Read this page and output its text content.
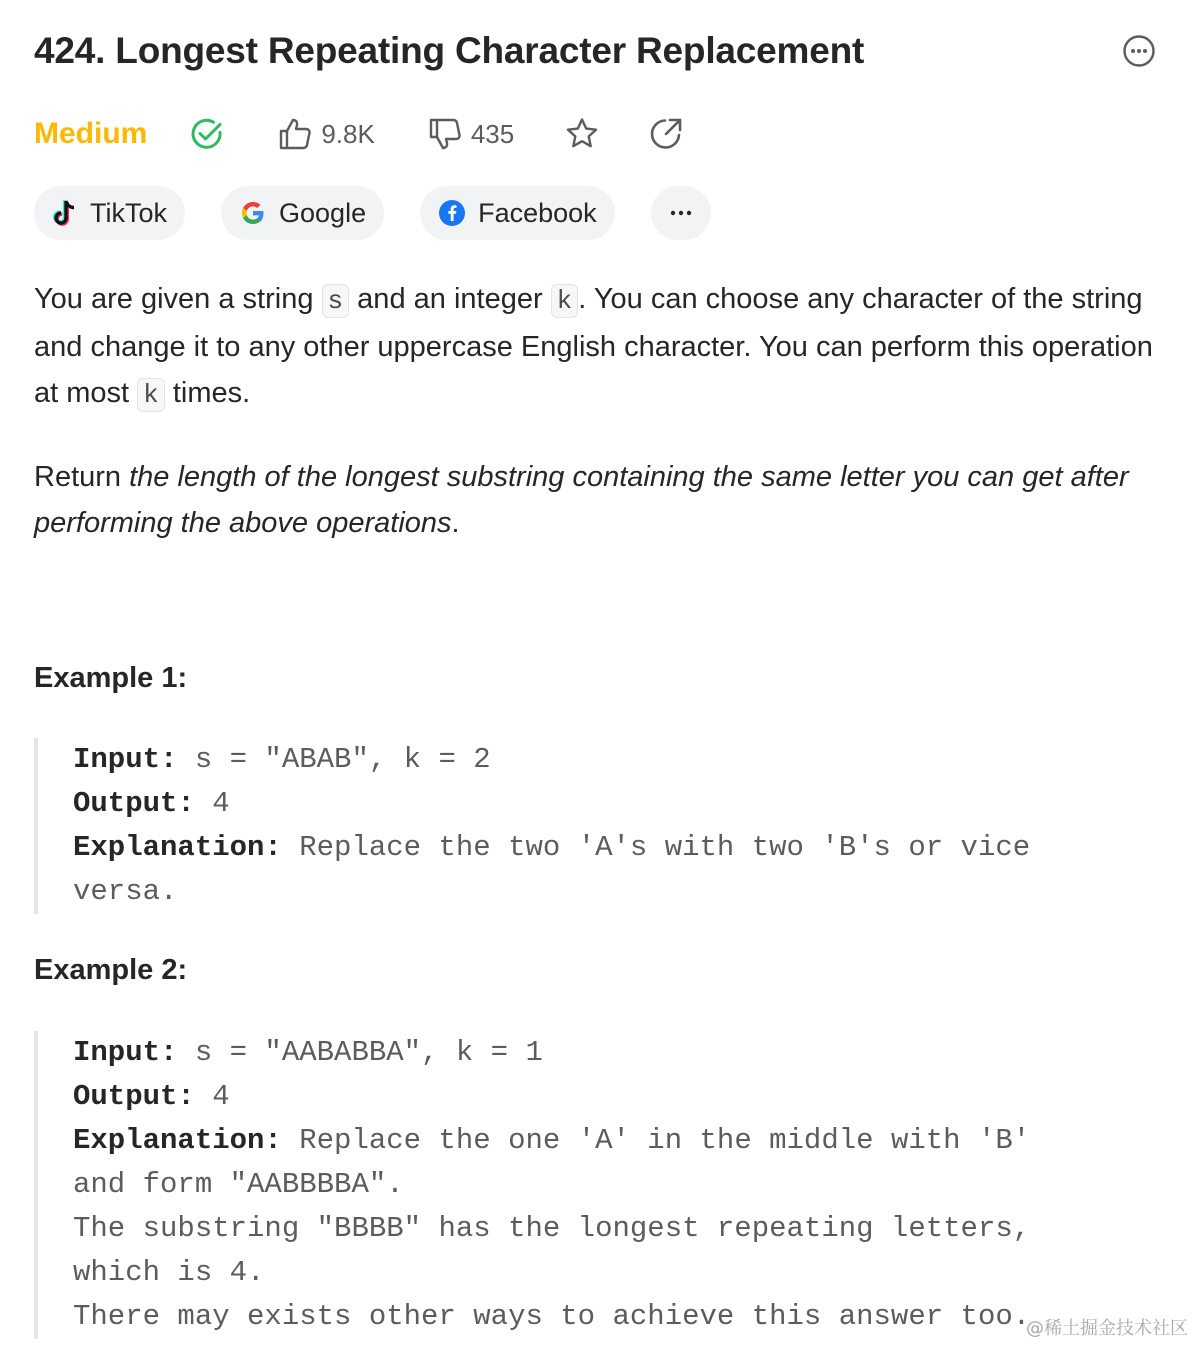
424. Longest Repeating Character Replacement
Medium	9.8K	435
TikTok	Google	Facebook

You are given a string s and an integer k . You can choose any character of the string and change it to any other uppercase English character. You can perform this operation at most k times.

Return the length of the longest substring containing the same letter you can get after performing the above operations.

Example 1:
Input: s = "ABAB", k = 2
Output: 4
Explanation: Replace the two 'A's with two 'B's or vice
versa.
Example 2:
Input: s = "AABABBA", k = 1
Output: 4
Explanation: Replace the one 'A' in the middle with 'B'
and form "AABBBBA".
The substring "BBBB" has the longest repeating letters,
which is 4.
There may exists other ways to achieve this answer too.
@稀土掘金技术社区
